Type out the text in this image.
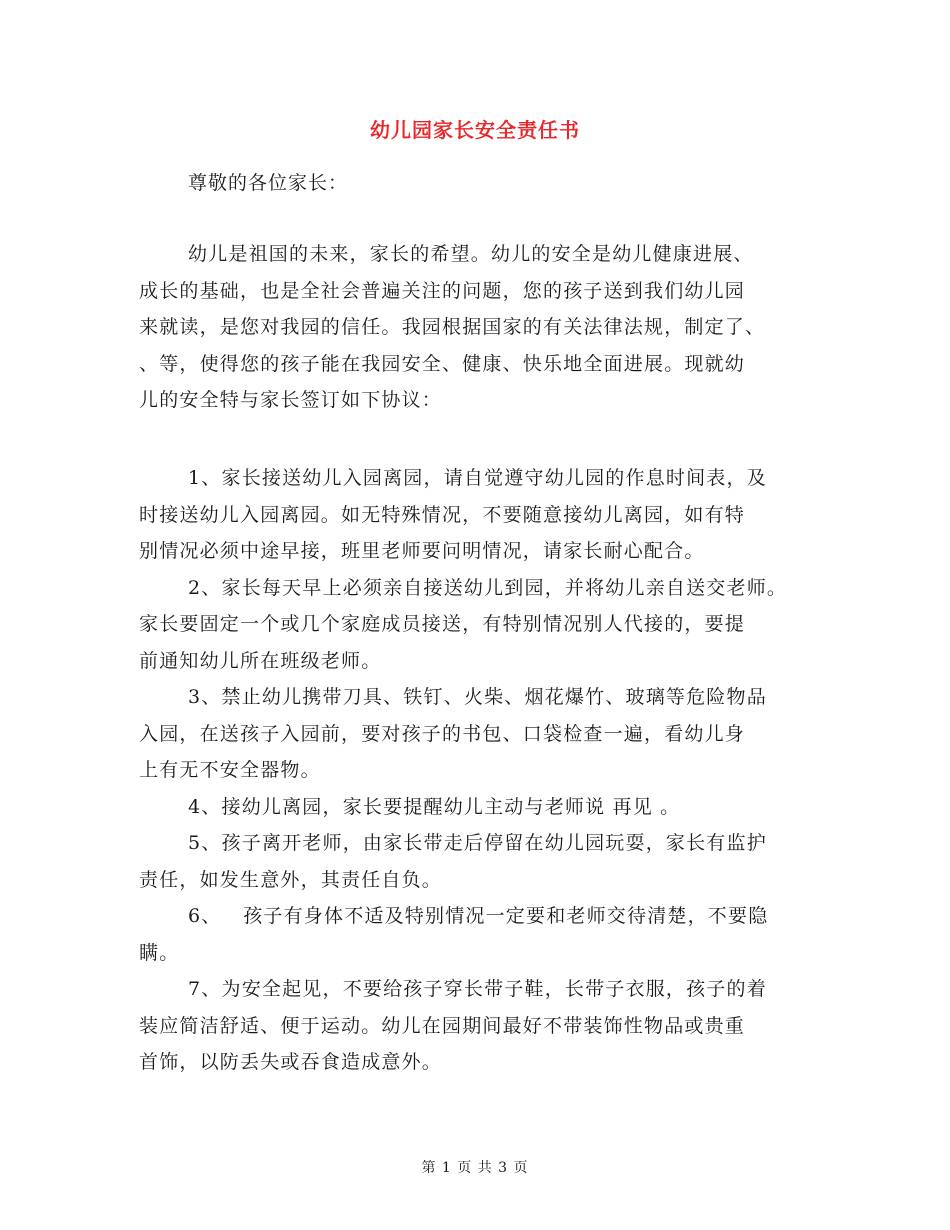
幼儿园家长安全责任书
尊敬的各位家长：
幼儿是祖国的未来，家长的希望。幼儿的安全是幼儿健康进展、
成长的基础，也是全社会普遍关注的问题，您的孩子送到我们幼儿园
来就读，是您对我园的信任。我园根据国家的有关法律法规，制定了、
、等，使得您的孩子能在我园安全、健康、快乐地全面进展。现就幼
儿的安全特与家长签订如下协议：
1、家长接送幼儿入园离园，请自觉遵守幼儿园的作息时间表，及
时接送幼儿入园离园。如无特殊情况，不要随意接幼儿离园，如有特
别情况必须中途早接，班里老师要问明情况，请家长耐心配合。
2、家长每天早上必须亲自接送幼儿到园，并将幼儿亲自送交老师。
家长要固定一个或几个家庭成员接送，有特别情况别人代接的，要提
前通知幼儿所在班级老师。
3、禁止幼儿携带刀具、铁钉、火柴、烟花爆竹、玻璃等危险物品
入园，在送孩子入园前，要对孩子的书包、口袋检查一遍，看幼儿身
上有无不安全器物。
4、接幼儿离园，家长要提醒幼儿主动与老师说 再见 。
5、孩子离开老师，由家长带走后停留在幼儿园玩耍，家长有监护
责任，如发生意外，其责任自负。
6、   孩子有身体不适及特别情况一定要和老师交待清楚，不要隐
瞒。
7、为安全起见，不要给孩子穿长带子鞋，长带子衣服，孩子的着
装应简洁舒适、便于运动。幼儿在园期间最好不带装饰性物品或贵重
首饰，以防丢失或吞食造成意外。
第 1 页 共 3 页
